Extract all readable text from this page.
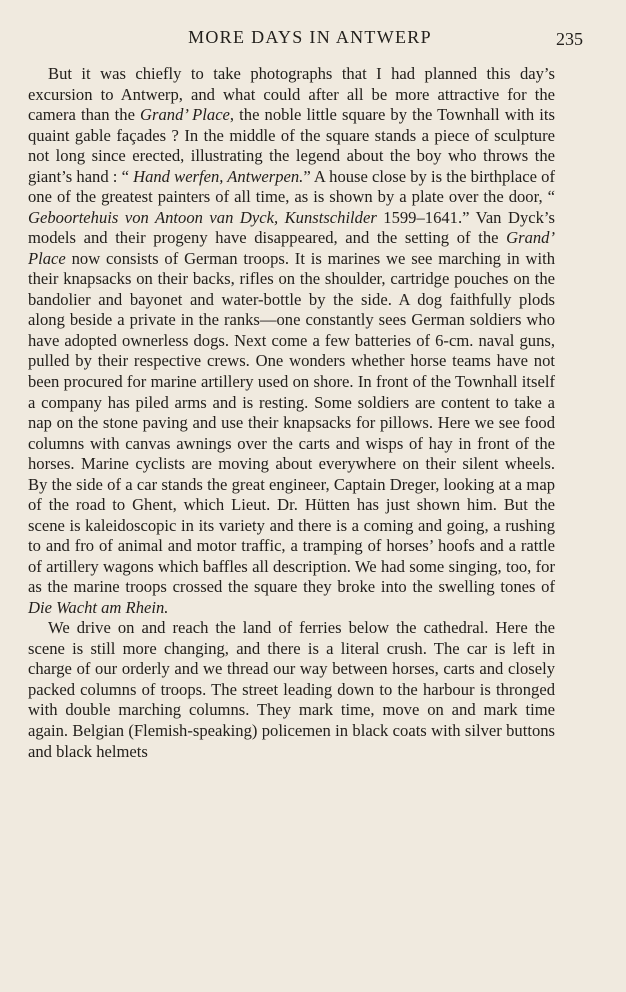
MORE DAYS IN ANTWERP	235

But it was chiefly to take photographs that I had planned this day’s excursion to Antwerp, and what could after all be more attractive for the camera than the Grand’ Place, the noble little square by the Townhall with its quaint gable façades ? In the middle of the square stands a piece of sculpture not long since erected, illustrating the legend about the boy who throws the giant’s hand : “ Hand werfen, Antwerpen.” A house close by is the birthplace of one of the greatest painters of all time, as is shown by a plate over the door, “ Geboortehuis von Antoon van Dyck, Kunstschilder 1599–1641.” Van Dyck’s models and their progeny have disappeared, and the setting of the Grand’ Place now consists of German troops. It is marines we see marching in with their knapsacks on their backs, rifles on the shoulder, cartridge pouches on the bandolier and bayonet and water-bottle by the side. A dog faithfully plods along beside a private in the ranks—one constantly sees German soldiers who have adopted ownerless dogs. Next come a few batteries of 6-cm. naval guns, pulled by their respective crews. One wonders whether horse teams have not been procured for marine artillery used on shore. In front of the Townhall itself a company has piled arms and is resting. Some soldiers are content to take a nap on the stone paving and use their knapsacks for pillows. Here we see food columns with canvas awnings over the carts and wisps of hay in front of the horses. Marine cyclists are moving about everywhere on their silent wheels. By the side of a car stands the great engineer, Captain Dreger, looking at a map of the road to Ghent, which Lieut. Dr. Hütten has just shown him. But the scene is kaleidoscopic in its variety and there is a coming and going, a rushing to and fro of animal and motor traffic, a tramping of horses’ hoofs and a rattle of artillery wagons which baffles all description. We had some singing, too, for as the marine troops crossed the square they broke into the swelling tones of Die Wacht am Rhein.

We drive on and reach the land of ferries below the cathedral. Here the scene is still more changing, and there is a literal crush. The car is left in charge of our orderly and we thread our way between horses, carts and closely packed columns of troops. The street leading down to the harbour is thronged with double marching columns. They mark time, move on and mark time again. Belgian (Flemish-speaking) policemen in black coats with silver buttons and black helmets
